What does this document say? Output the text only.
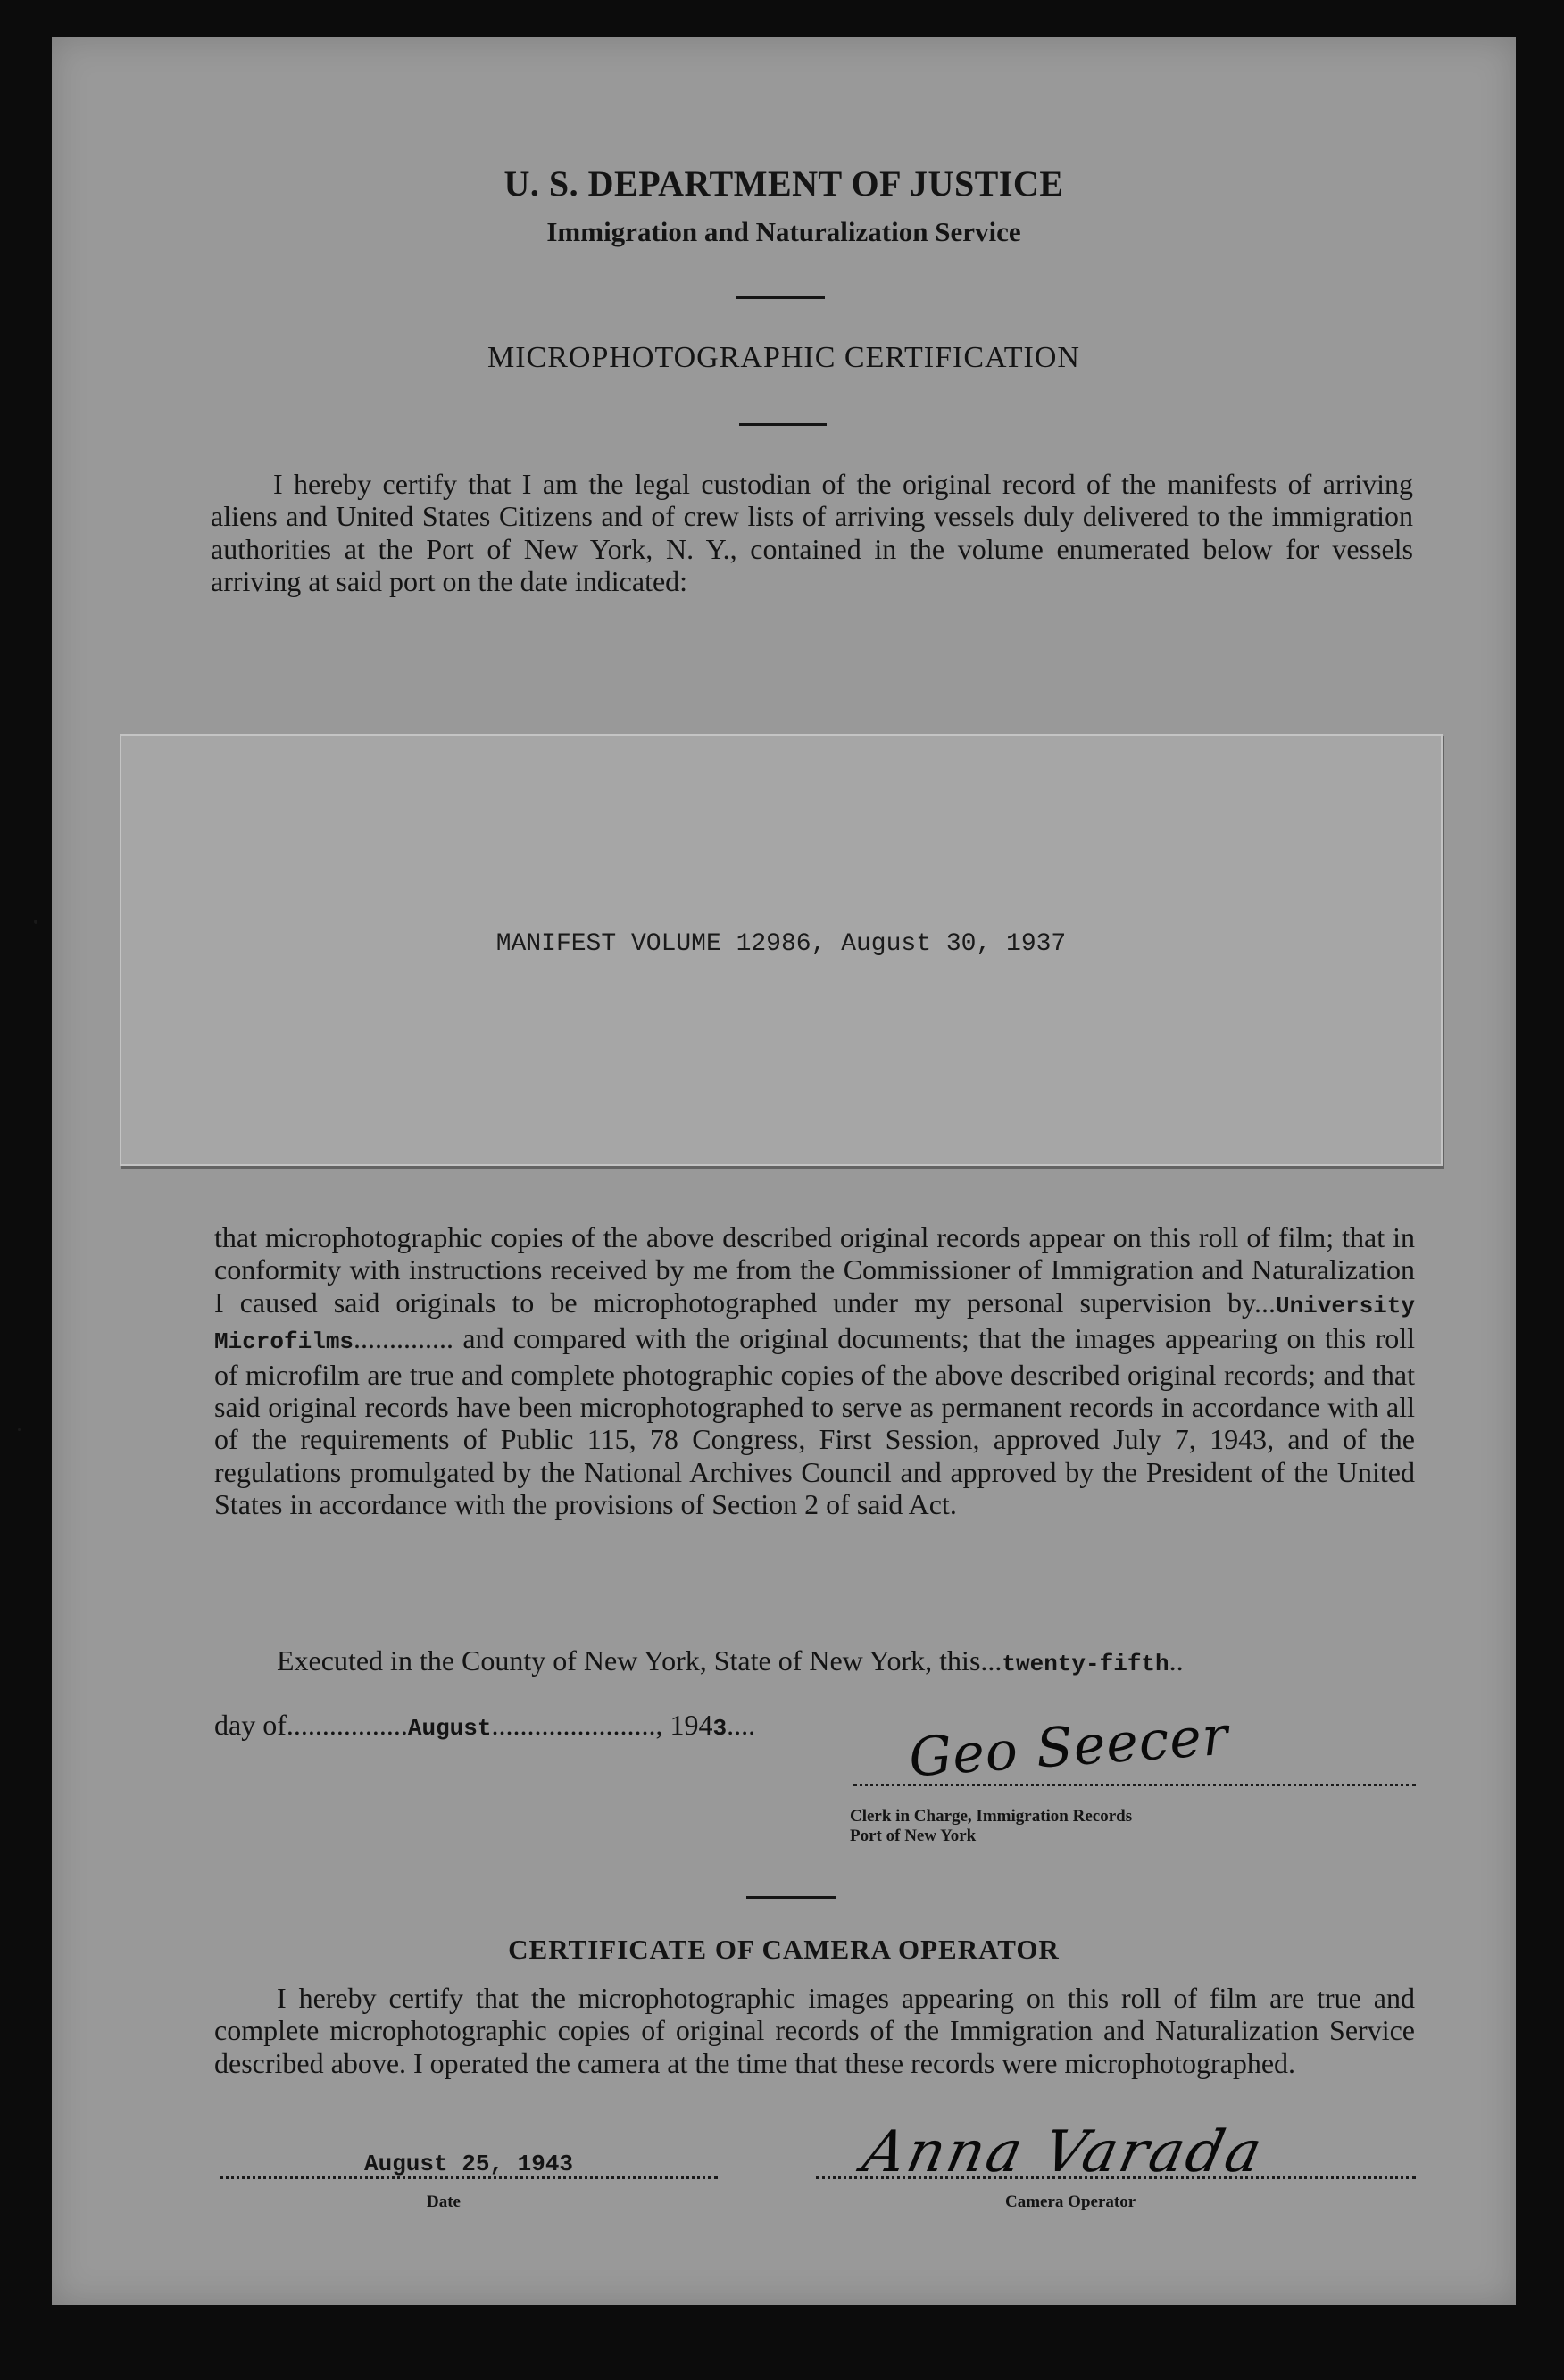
U. S. DEPARTMENT OF JUSTICE
Immigration and Naturalization Service
MICROPHOTOGRAPHIC CERTIFICATION

I hereby certify that I am the legal custodian of the original record of the manifests of arriving aliens and United States Citizens and of crew lists of arriving vessels duly delivered to the immigration authorities at the Port of New York, N. Y., contained in the volume enumerated below for vessels arriving at said port on the date indicated:

MANIFEST VOLUME 12986, August 30, 1937

that microphotographic copies of the above described original records appear on this roll of film; that in conformity with instructions received by me from the Commissioner of Immigration and Naturalization I caused said originals to be microphotographed under my personal supervision by...University Microfilms.............. and compared with the original documents; that the images appearing on this roll of microfilm are true and complete photographic copies of the above described original records; and that said original records have been microphotographed to serve as permanent records in accordance with all of the requirements of Public 115, 78 Congress, First Session, approved July 7, 1943, and of the regulations promulgated by the National Archives Council and approved by the President of the United States in accordance with the provisions of Section 2 of said Act.

Executed in the County of New York, State of New York, this...twenty-fifth..
day of.................August......................., 1943....	Geo Seecer
Clerk in Charge, Immigration Records
Port of New York
CERTIFICATE OF CAMERA OPERATOR

I hereby certify that the microphotographic images appearing on this roll of film are true and complete microphotographic copies of original records of the Immigration and Naturalization Service described above. I operated the camera at the time that these records were microphotographed.

August 25, 1943
Date
Anna Varada
Camera Operator
